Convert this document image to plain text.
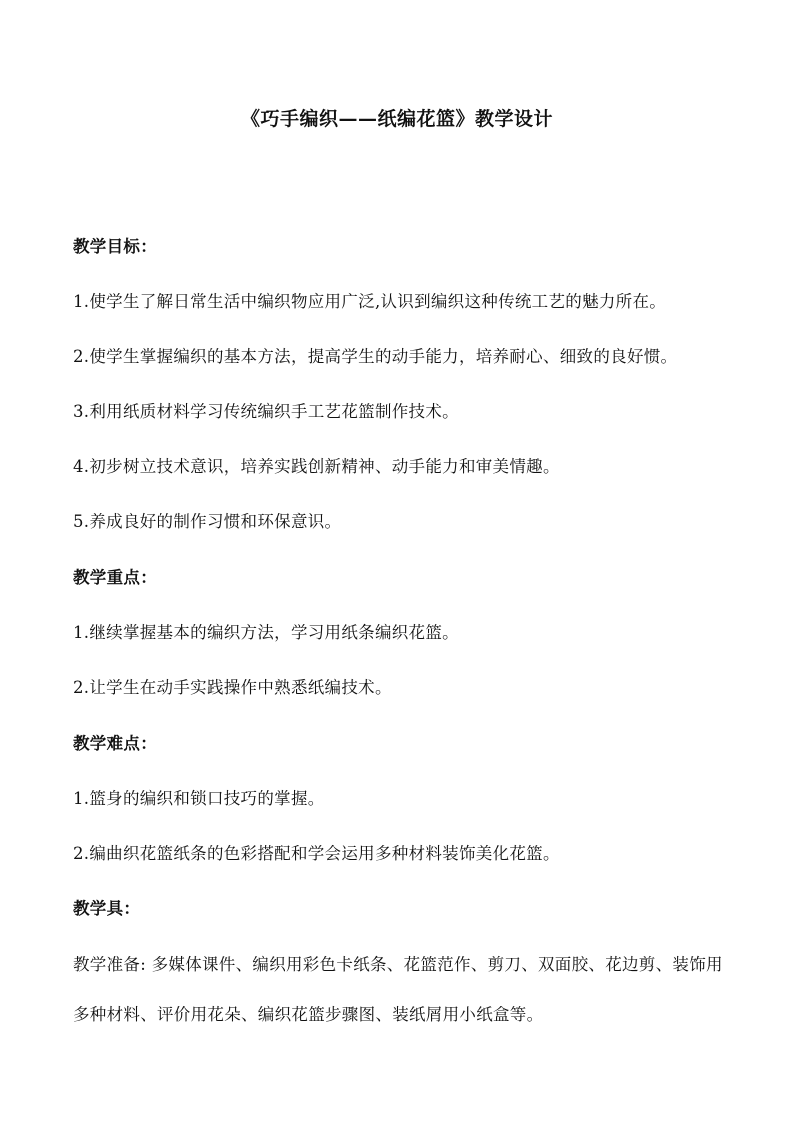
《巧手编织——纸编花篮》教学设计
教学目标：
1.使学生了解日常生活中编织物应用广泛,认识到编织这种传统工艺的魅力所在。
2.使学生掌握编织的基本方法，提高学生的动手能力，培养耐心、细致的良好惯。
3.利用纸质材料学习传统编织手工艺花篮制作技术。
4.初步树立技术意识，培养实践创新精神、动手能力和审美情趣。
5.养成良好的制作习惯和环保意识。
教学重点：
1.继续掌握基本的编织方法，学习用纸条编织花篮。
2.让学生在动手实践操作中熟悉纸编技术。
教学难点：
1.篮身的编织和锁口技巧的掌握。
2.编曲织花篮纸条的色彩搭配和学会运用多种材料装饰美化花篮。
教学具：
教学准备: 多媒体课件、编织用彩色卡纸条、花篮范作、剪刀、双面胶、花边剪、装饰用多种材料、评价用花朵、编织花篮步骤图、装纸屑用小纸盒等。
